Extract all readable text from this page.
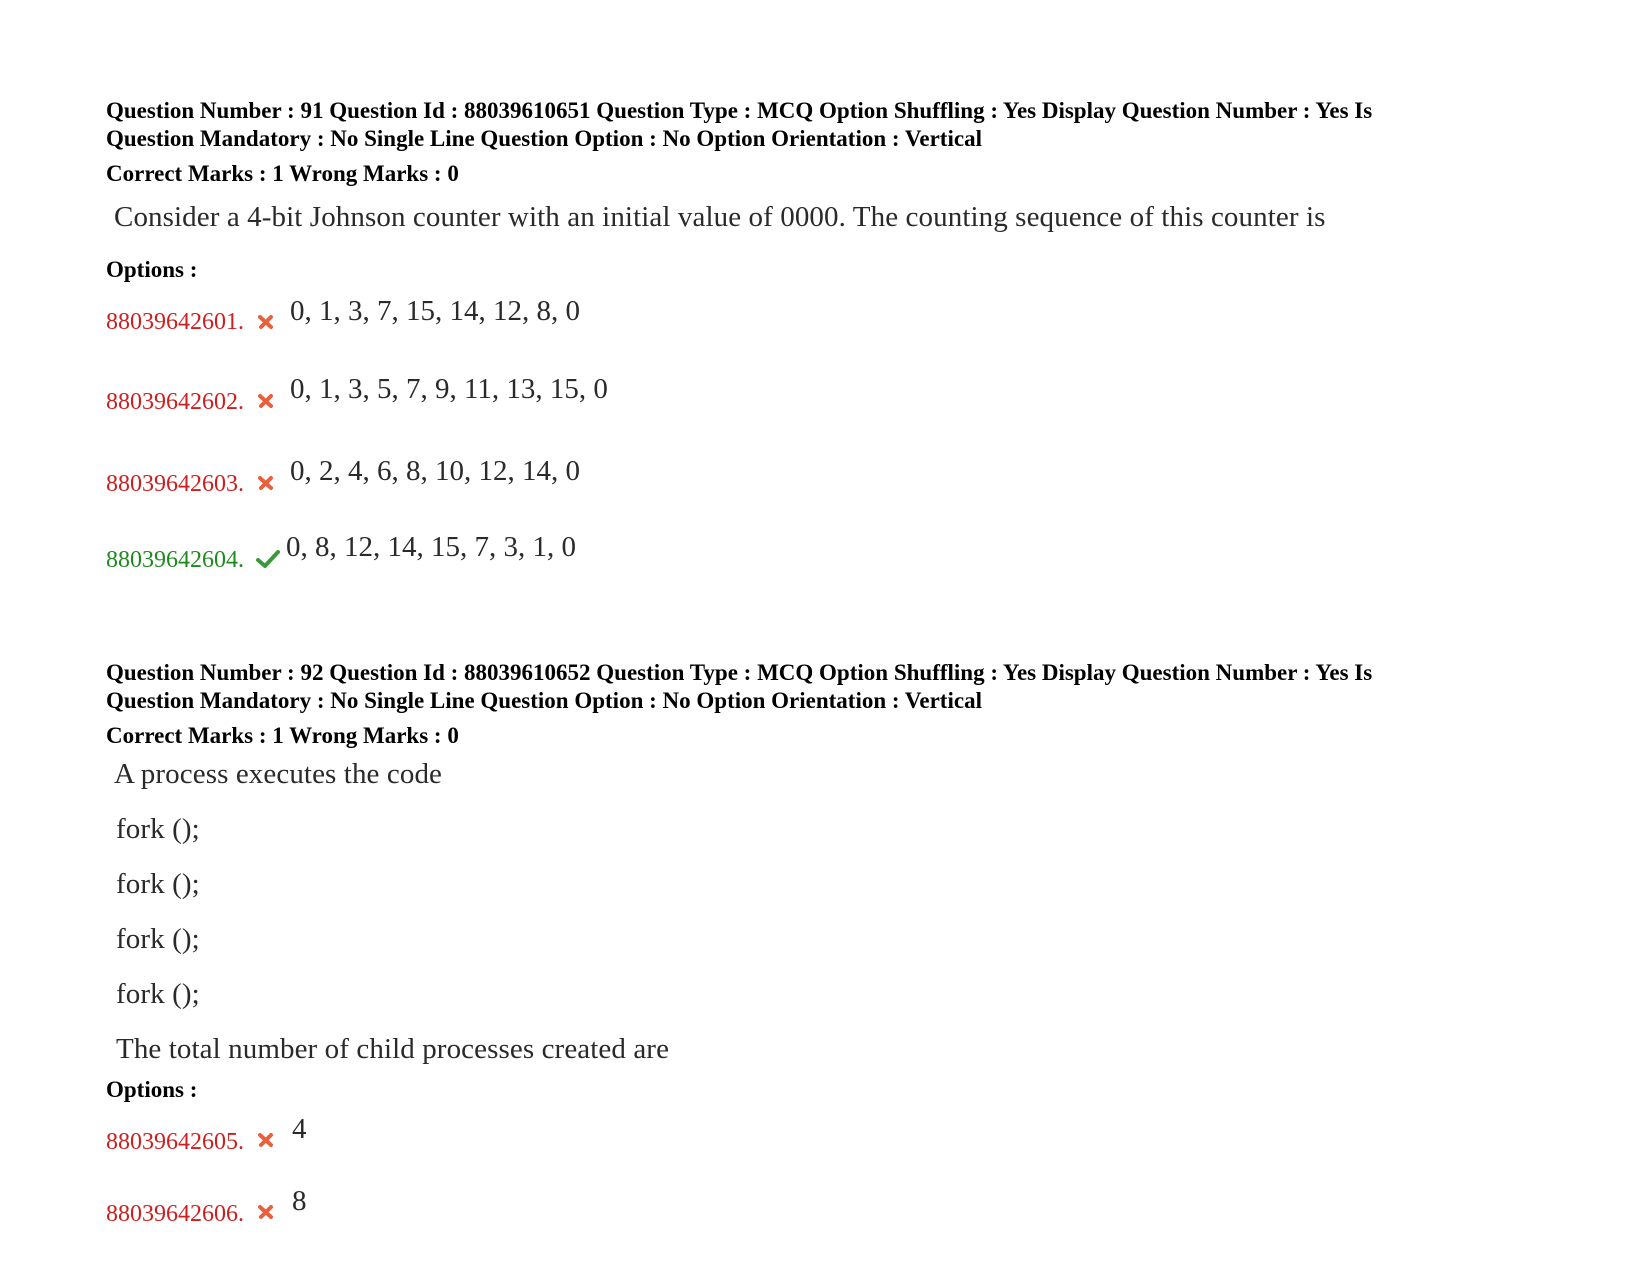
Question Number : 91 Question Id : 88039610651 Question Type : MCQ Option Shuffling : Yes Display Question Number : Yes Is
Question Mandatory : No Single Line Question Option : No Option Orientation : Vertical
Correct Marks : 1 Wrong Marks : 0
Consider a 4-bit Johnson counter with an initial value of 0000. The counting sequence of this counter is
Options :
88039642601. 0, 1, 3, 7, 15, 14, 12, 8, 0
88039642602. 0, 1, 3, 5, 7, 9, 11, 13, 15, 0
88039642603. 0, 2, 4, 6, 8, 10, 12, 14, 0
88039642604. 0, 8, 12, 14, 15, 7, 3, 1, 0
Question Number : 92 Question Id : 88039610652 Question Type : MCQ Option Shuffling : Yes Display Question Number : Yes Is
Question Mandatory : No Single Line Question Option : No Option Orientation : Vertical
Correct Marks : 1 Wrong Marks : 0
A process executes the code
fork ();
fork ();
fork ();
fork ();
The total number of child processes created are
Options :
88039642605. 4
88039642606. 8
